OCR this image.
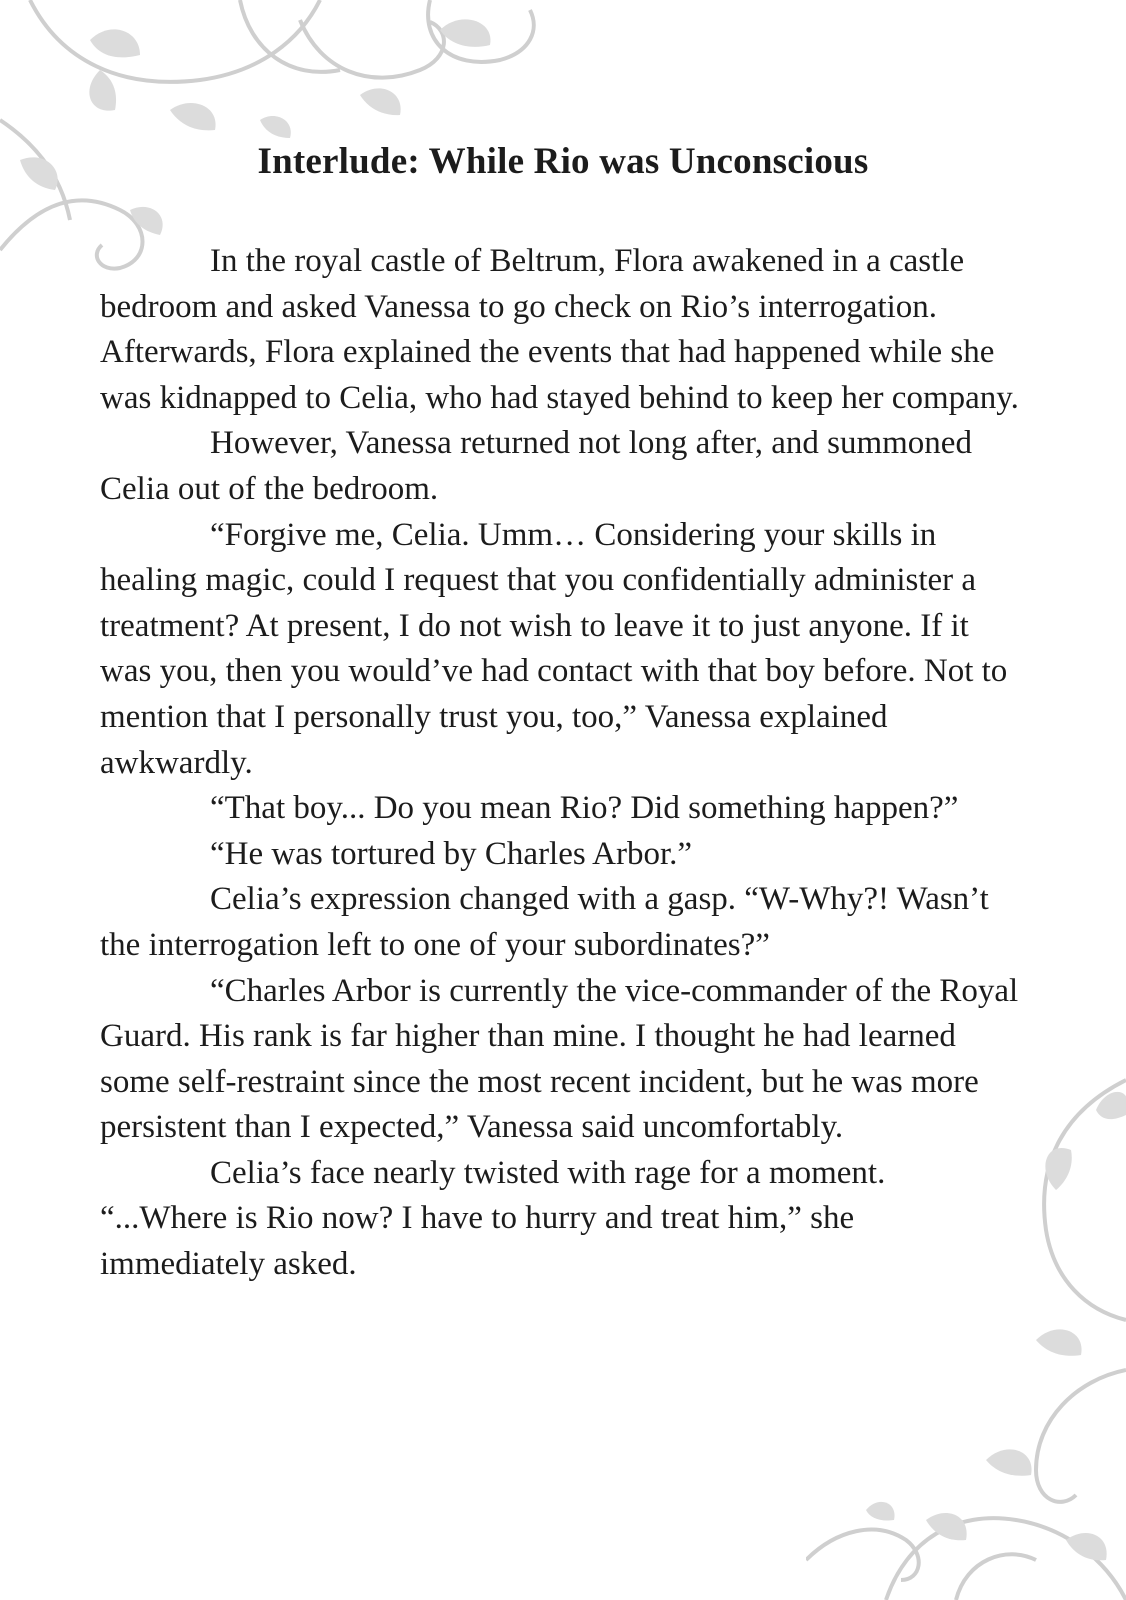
Interlude: While Rio was Unconscious

In the royal castle of Beltrum, Flora awakened in a castle bedroom and asked Vanessa to go check on Rio’s interrogation. Afterwards, Flora explained the events that had happened while she was kidnapped to Celia, who had stayed behind to keep her company.

However, Vanessa returned not long after, and summoned Celia out of the bedroom.

“Forgive me, Celia. Umm… Considering your skills in healing magic, could I request that you confidentially administer a treatment? At present, I do not wish to leave it to just anyone. If it was you, then you would’ve had contact with that boy before. Not to mention that I personally trust you, too,” Vanessa explained awkwardly.

“That boy... Do you mean Rio? Did something happen?”

“He was tortured by Charles Arbor.”

Celia’s expression changed with a gasp. “W-Why?! Wasn’t the interrogation left to one of your subordinates?”

“Charles Arbor is currently the vice-commander of the Royal Guard. His rank is far higher than mine. I thought he had learned some self-restraint since the most recent incident, but he was more persistent than I expected,” Vanessa said uncomfortably.

Celia’s face nearly twisted with rage for a moment. “...Where is Rio now? I have to hurry and treat him,” she immediately asked.
